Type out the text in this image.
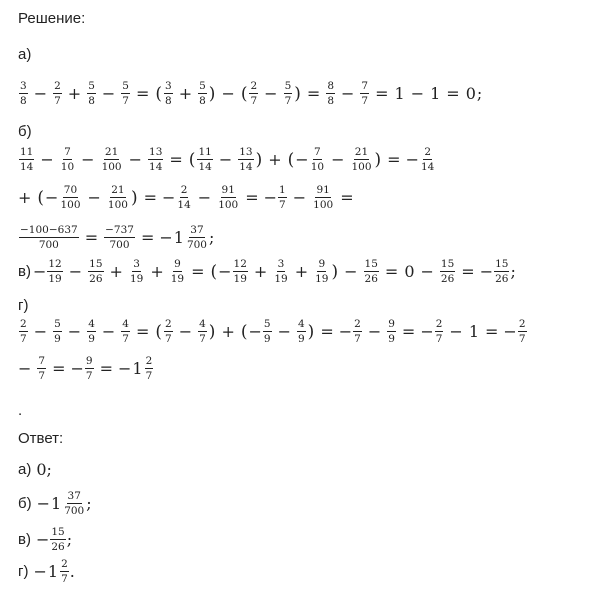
Решение:
а)
$\frac{3}{8} - \frac{2}{7} + \frac{5}{8} - \frac{5}{7}$ = ( $\frac{3}{8} + \frac{5}{8}$ ) − ( $\frac{2}{7} - \frac{5}{7}$ ) = $\frac{8}{8} - \frac{7}{7} = 1 - 1 = 0$ ;
б)
$\frac{11}{14} - \frac{7}{10} - \frac{21}{100} - \frac{13}{14}$ = ( $\frac{11}{14} - \frac{13}{14}$ ) + ( − $\frac{7}{10} - \frac{21}{100}$ ) = − $\frac{2}{14}$
+ ( − $\frac{70}{100} - \frac{21}{100}$ ) = − $\frac{2}{14} - \frac{91}{100}$ = − $\frac{1}{7} - \frac{91}{100}$ =
$\frac{-100-637}{700} = \frac{-737}{700}$ = − $1 \frac{37}{700}$ ;
$в) - \frac{12}{19} - \frac{15}{26} + \frac{3}{19} + \frac{9}{19}$ = ( − $\frac{12}{19} + \frac{3}{19} + \frac{9}{19}$ ) − $\frac{15}{26} = 0 - \frac{15}{26}$ = − $\frac{15}{26}$ ;
г)
$\frac{2}{7} - \frac{5}{9} - \frac{4}{9} - \frac{4}{7}$ = ( $\frac{2}{7} - \frac{4}{7}$ ) + ( − $\frac{5}{9} - \frac{4}{9}$ ) = − $\frac{2}{7} - \frac{9}{9}$ = − $\frac{2}{7} - 1$ = − $\frac{2}{7}$
− $\frac{7}{7}$ = − $\frac{9}{7}$ = − $1 \frac{2}{7}$
.
Ответ:
а) 0 ;
$б) - 1 \frac{37}{700}$ ;
$в) - \frac{15}{26}$ ;
$г) - 1 \frac{2}{7}$ .
